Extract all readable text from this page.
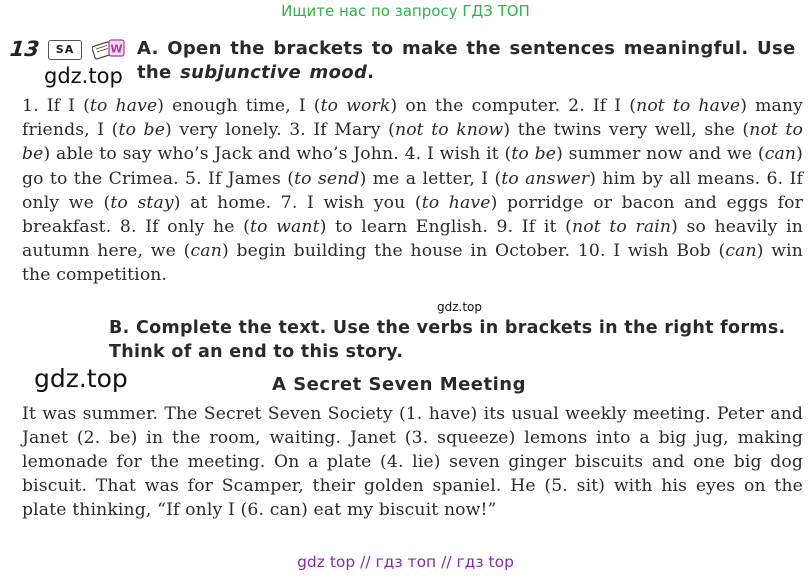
Ищите нас по запросу ГДЗ ТОП
13	SA	W A. Open the brackets to make the sentences meaningful. Use the subjunctive mood.
gdz.top
1. If I (to have) enough time, I (to work) on the computer. 2. If I (not to have) many friends, I (to be) very lonely. 3. If Mary (not to know) the twins very well, she (not to be) able to say who’s Jack and who’s John. 4. I wish it (to be) summer now and we (can) go to the Crimea. 5. If James (to send) me a letter, I (to answer) him by all means. 6. If only we (to stay) at home. 7. I wish you (to have) porridge or bacon and eggs for breakfast. 8. If only he (to want) to learn English. 9. If it (not to rain) so heavily in autumn here, we (can) begin building the house in October. 10. I wish Bob (can) win the competition.
gdz.top
B. Complete the text. Use the verbs in brackets in the right forms. Think of an end to this story.
gdz.top	A Secret Seven Meeting
It was summer. The Secret Seven Society (1. have) its usual weekly meeting. Peter and Janet (2. be) in the room, waiting. Janet (3. squeeze) lemons into a big jug, making lemonade for the meeting. On a plate (4. lie) seven ginger biscuits and one big dog biscuit. That was for Scamper, their golden spaniel. He (5. sit) with his eyes on the plate thinking, “If only I (6. can) eat my biscuit now!”
gdz top // гдз топ // гдз top
